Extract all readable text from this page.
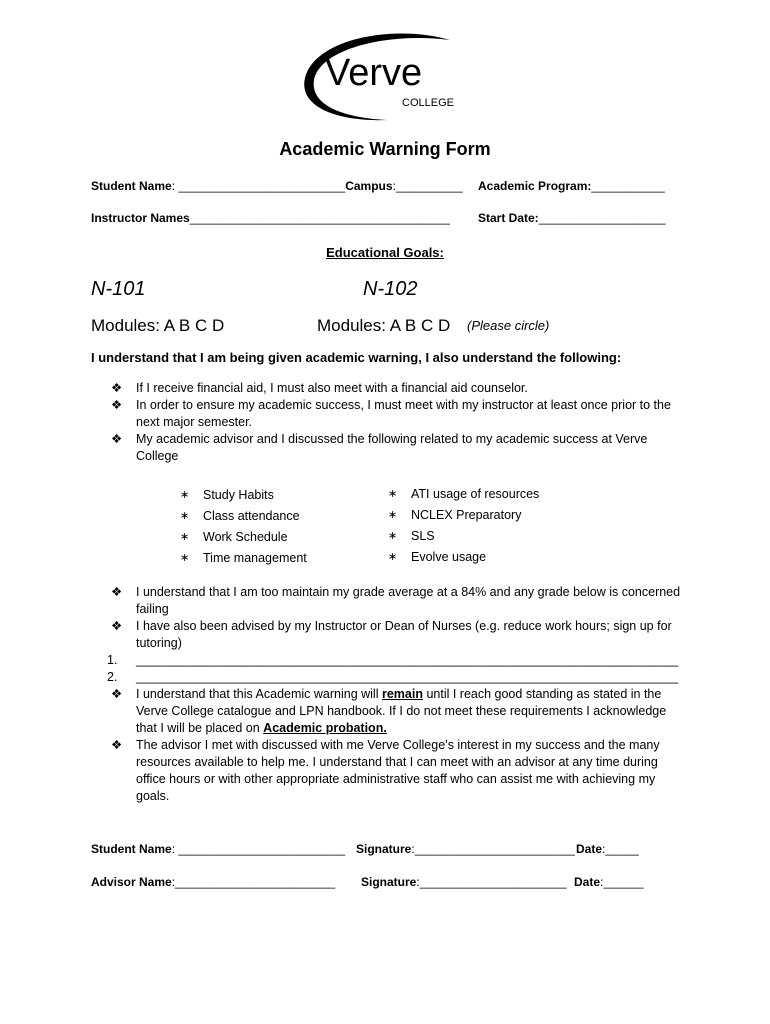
Verve
COLLEGE
Academic Warning Form
Student Name: _________________________Campus:__________ Academic Program:___________
Instructor Names_______________________________________ Start Date:___________________
Educational Goals:
N-101	N-102
Modules: A B C D	Modules: A B C D (Please circle)
I understand that I am being given academic warning, I also understand the following:
❖	If I receive financial aid, I must also meet with a financial aid counselor.
❖	In order to ensure my academic success, I must meet with my instructor at least once prior to the next major semester.
❖	My academic advisor and I discussed the following related to my academic success at Verve College
∗ Study Habits
∗ Class attendance
∗ Work Schedule
∗ Time management
∗ ATI usage of resources
∗ NCLEX Preparatory
∗ SLS
∗ Evolve usage
❖	I understand that I am too maintain my grade average at a 84% and any grade below is concerned failing
❖	I have also been advised by my Instructor or Dean of Nurses (e.g. reduce work hours; sign up for tutoring)
1.	______________________________________________________________________________
2.	______________________________________________________________________________
❖	I understand that this Academic warning will remain until I reach good standing as stated in the Verve College catalogue and LPN handbook. If I do not meet these requirements I acknowledge that I will be placed on Academic probation.
❖	The advisor I met with discussed with me Verve College’s interest in my success and the many resources available to help me. I understand that I can meet with an advisor at any time during office hours or with other appropriate administrative staff who can assist me with achieving my goals.
Student Name: _________________________ Signature:________________________ Date:_____
Advisor Name:________________________ Signature:______________________ Date:______
